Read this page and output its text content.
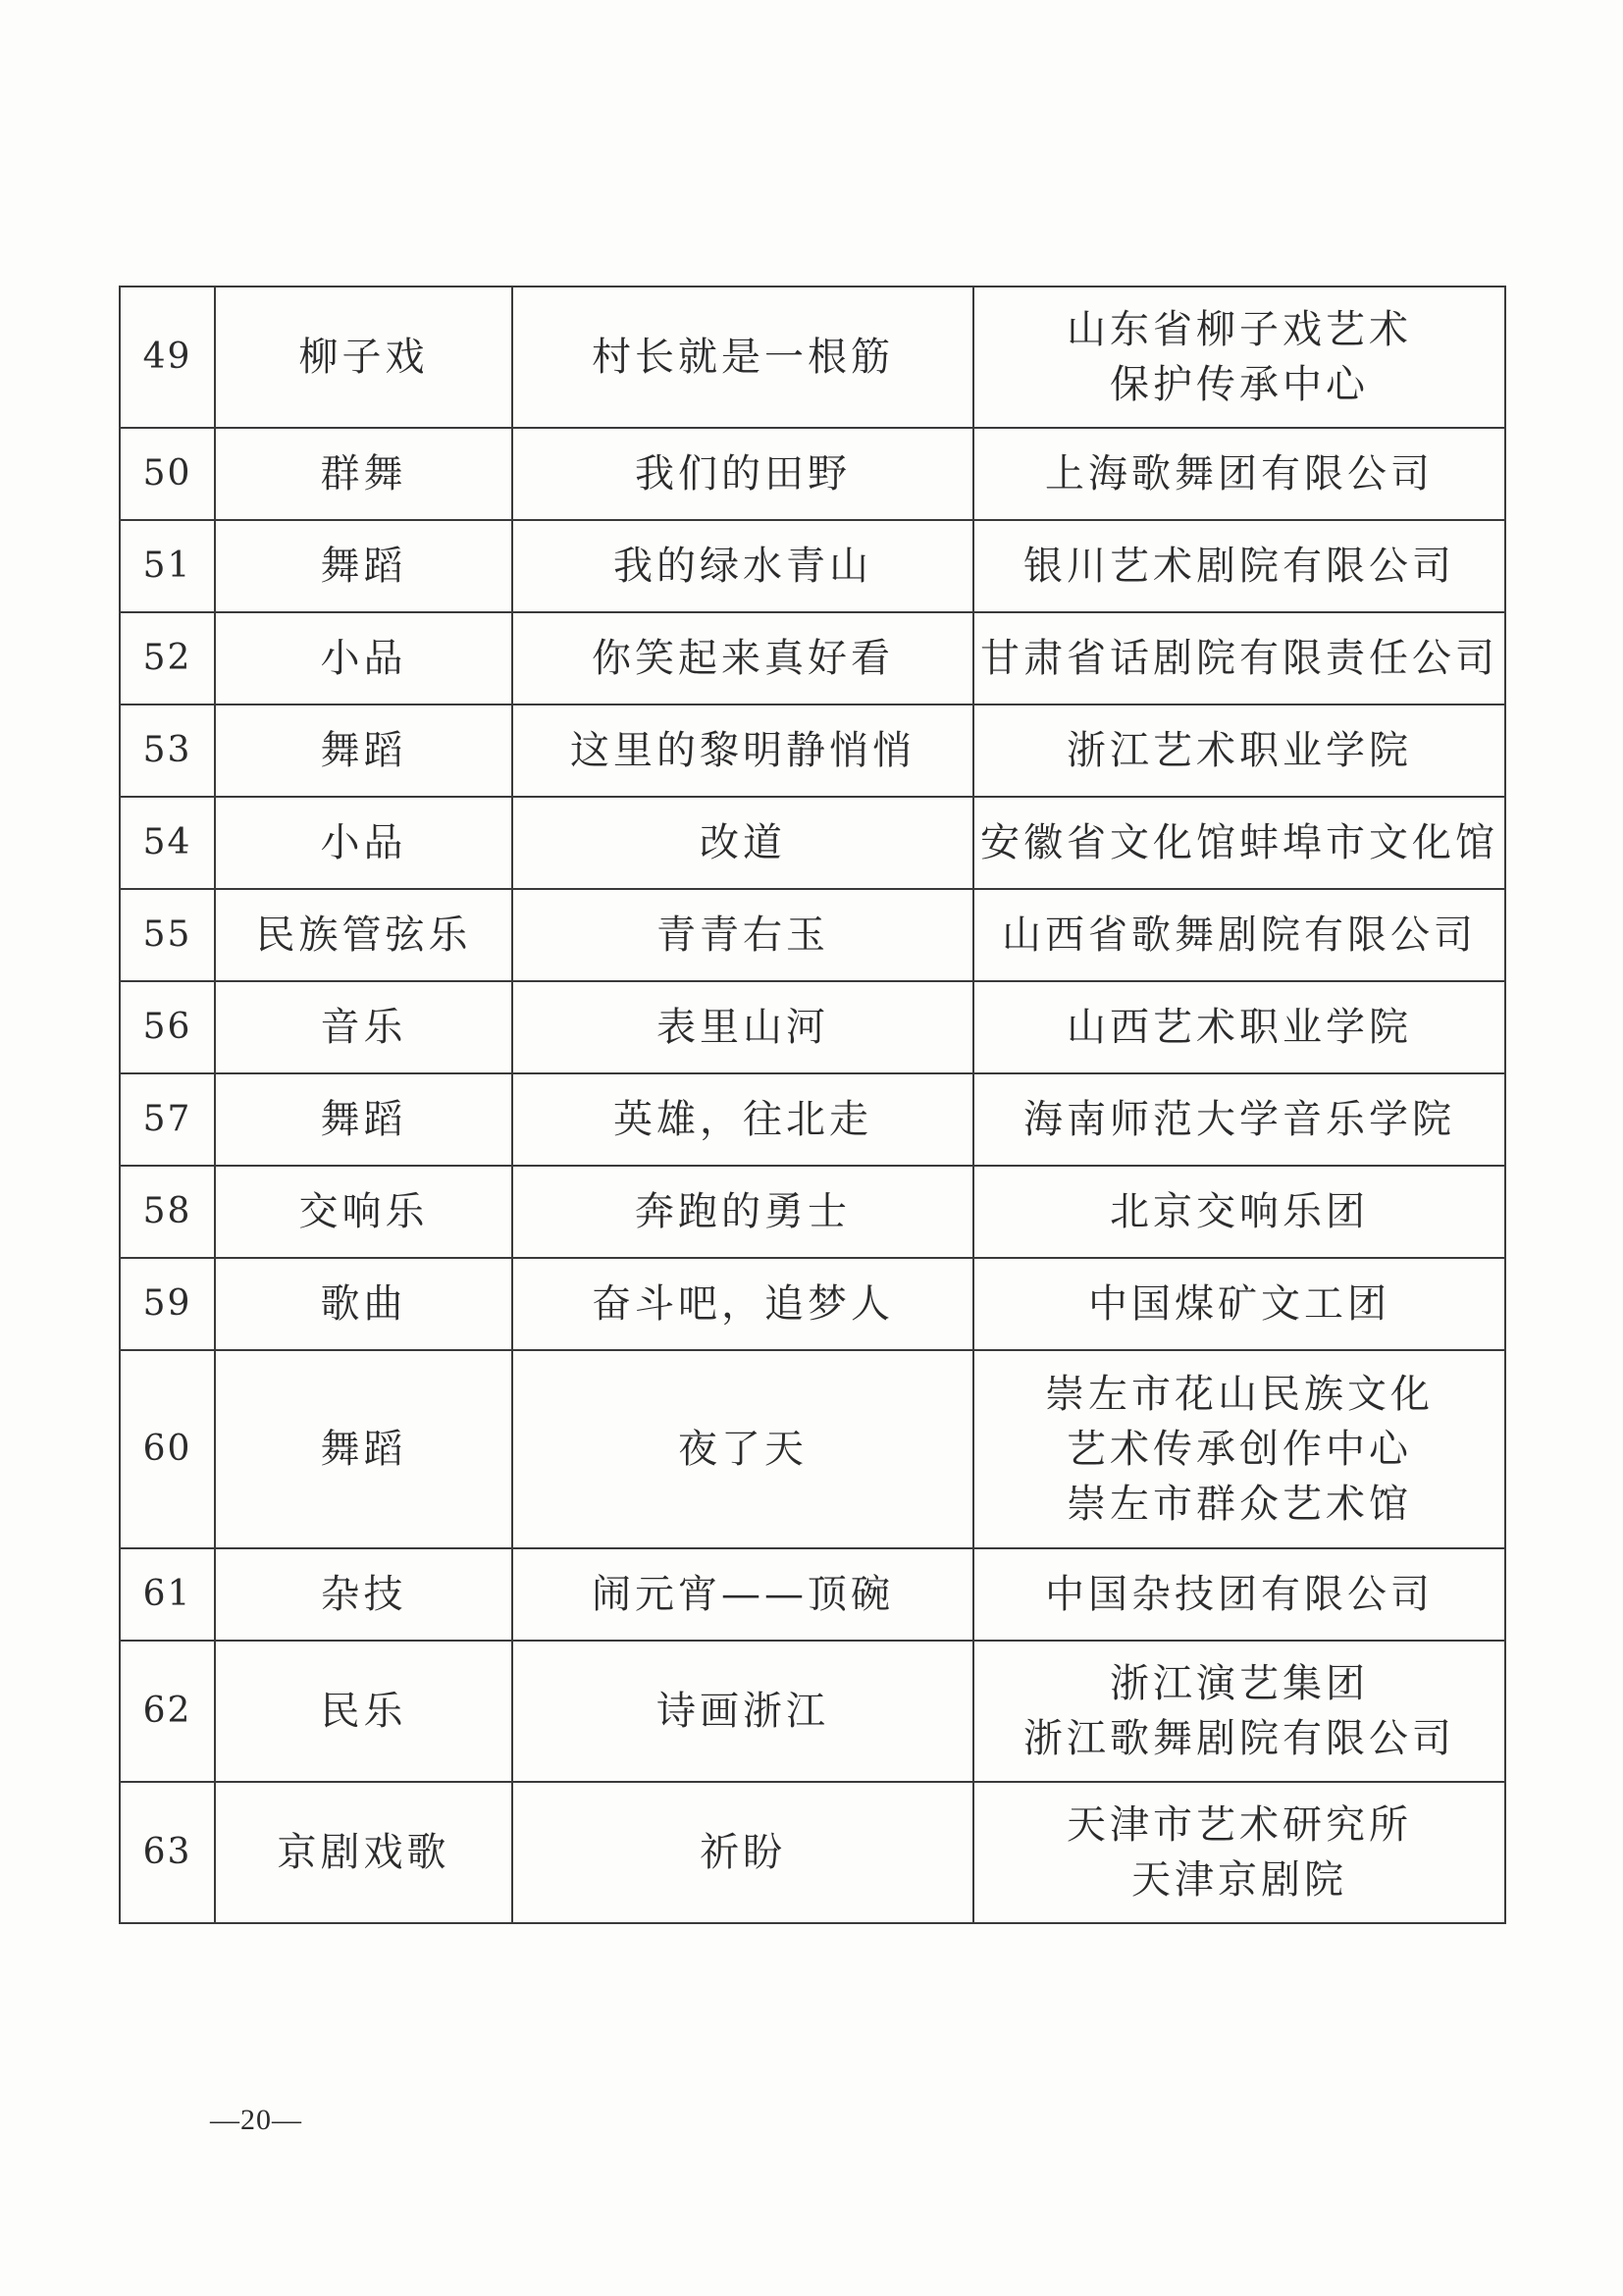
49	柳子戏	村长就是一根筋	山东省柳子戏艺术
保护传承中心

50	群舞	我们的田野	上海歌舞团有限公司
51	舞蹈	我的绿水青山	银川艺术剧院有限公司
52	小品	你笑起来真好看	甘肃省话剧院有限责任公司
53	舞蹈	这里的黎明静悄悄	浙江艺术职业学院
54	小品	改道	安徽省文化馆蚌埠市文化馆
55	民族管弦乐	青青右玉	山西省歌舞剧院有限公司
56	音乐	表里山河	山西艺术职业学院
57	舞蹈	英雄，往北走	海南师范大学音乐学院
58	交响乐	奔跑的勇士	北京交响乐团
59	歌曲	奋斗吧，追梦人	中国煤矿文工团
60	舞蹈	夜了天	崇左市花山民族文化
艺术传承创作中心
崇左市群众艺术馆

61	杂技	闹元宵——顶碗	中国杂技团有限公司
62	民乐	诗画浙江	浙江演艺集团
浙江歌舞剧院有限公司

63	京剧戏歌	祈盼	天津市艺术研究所
天津京剧院
—20—
